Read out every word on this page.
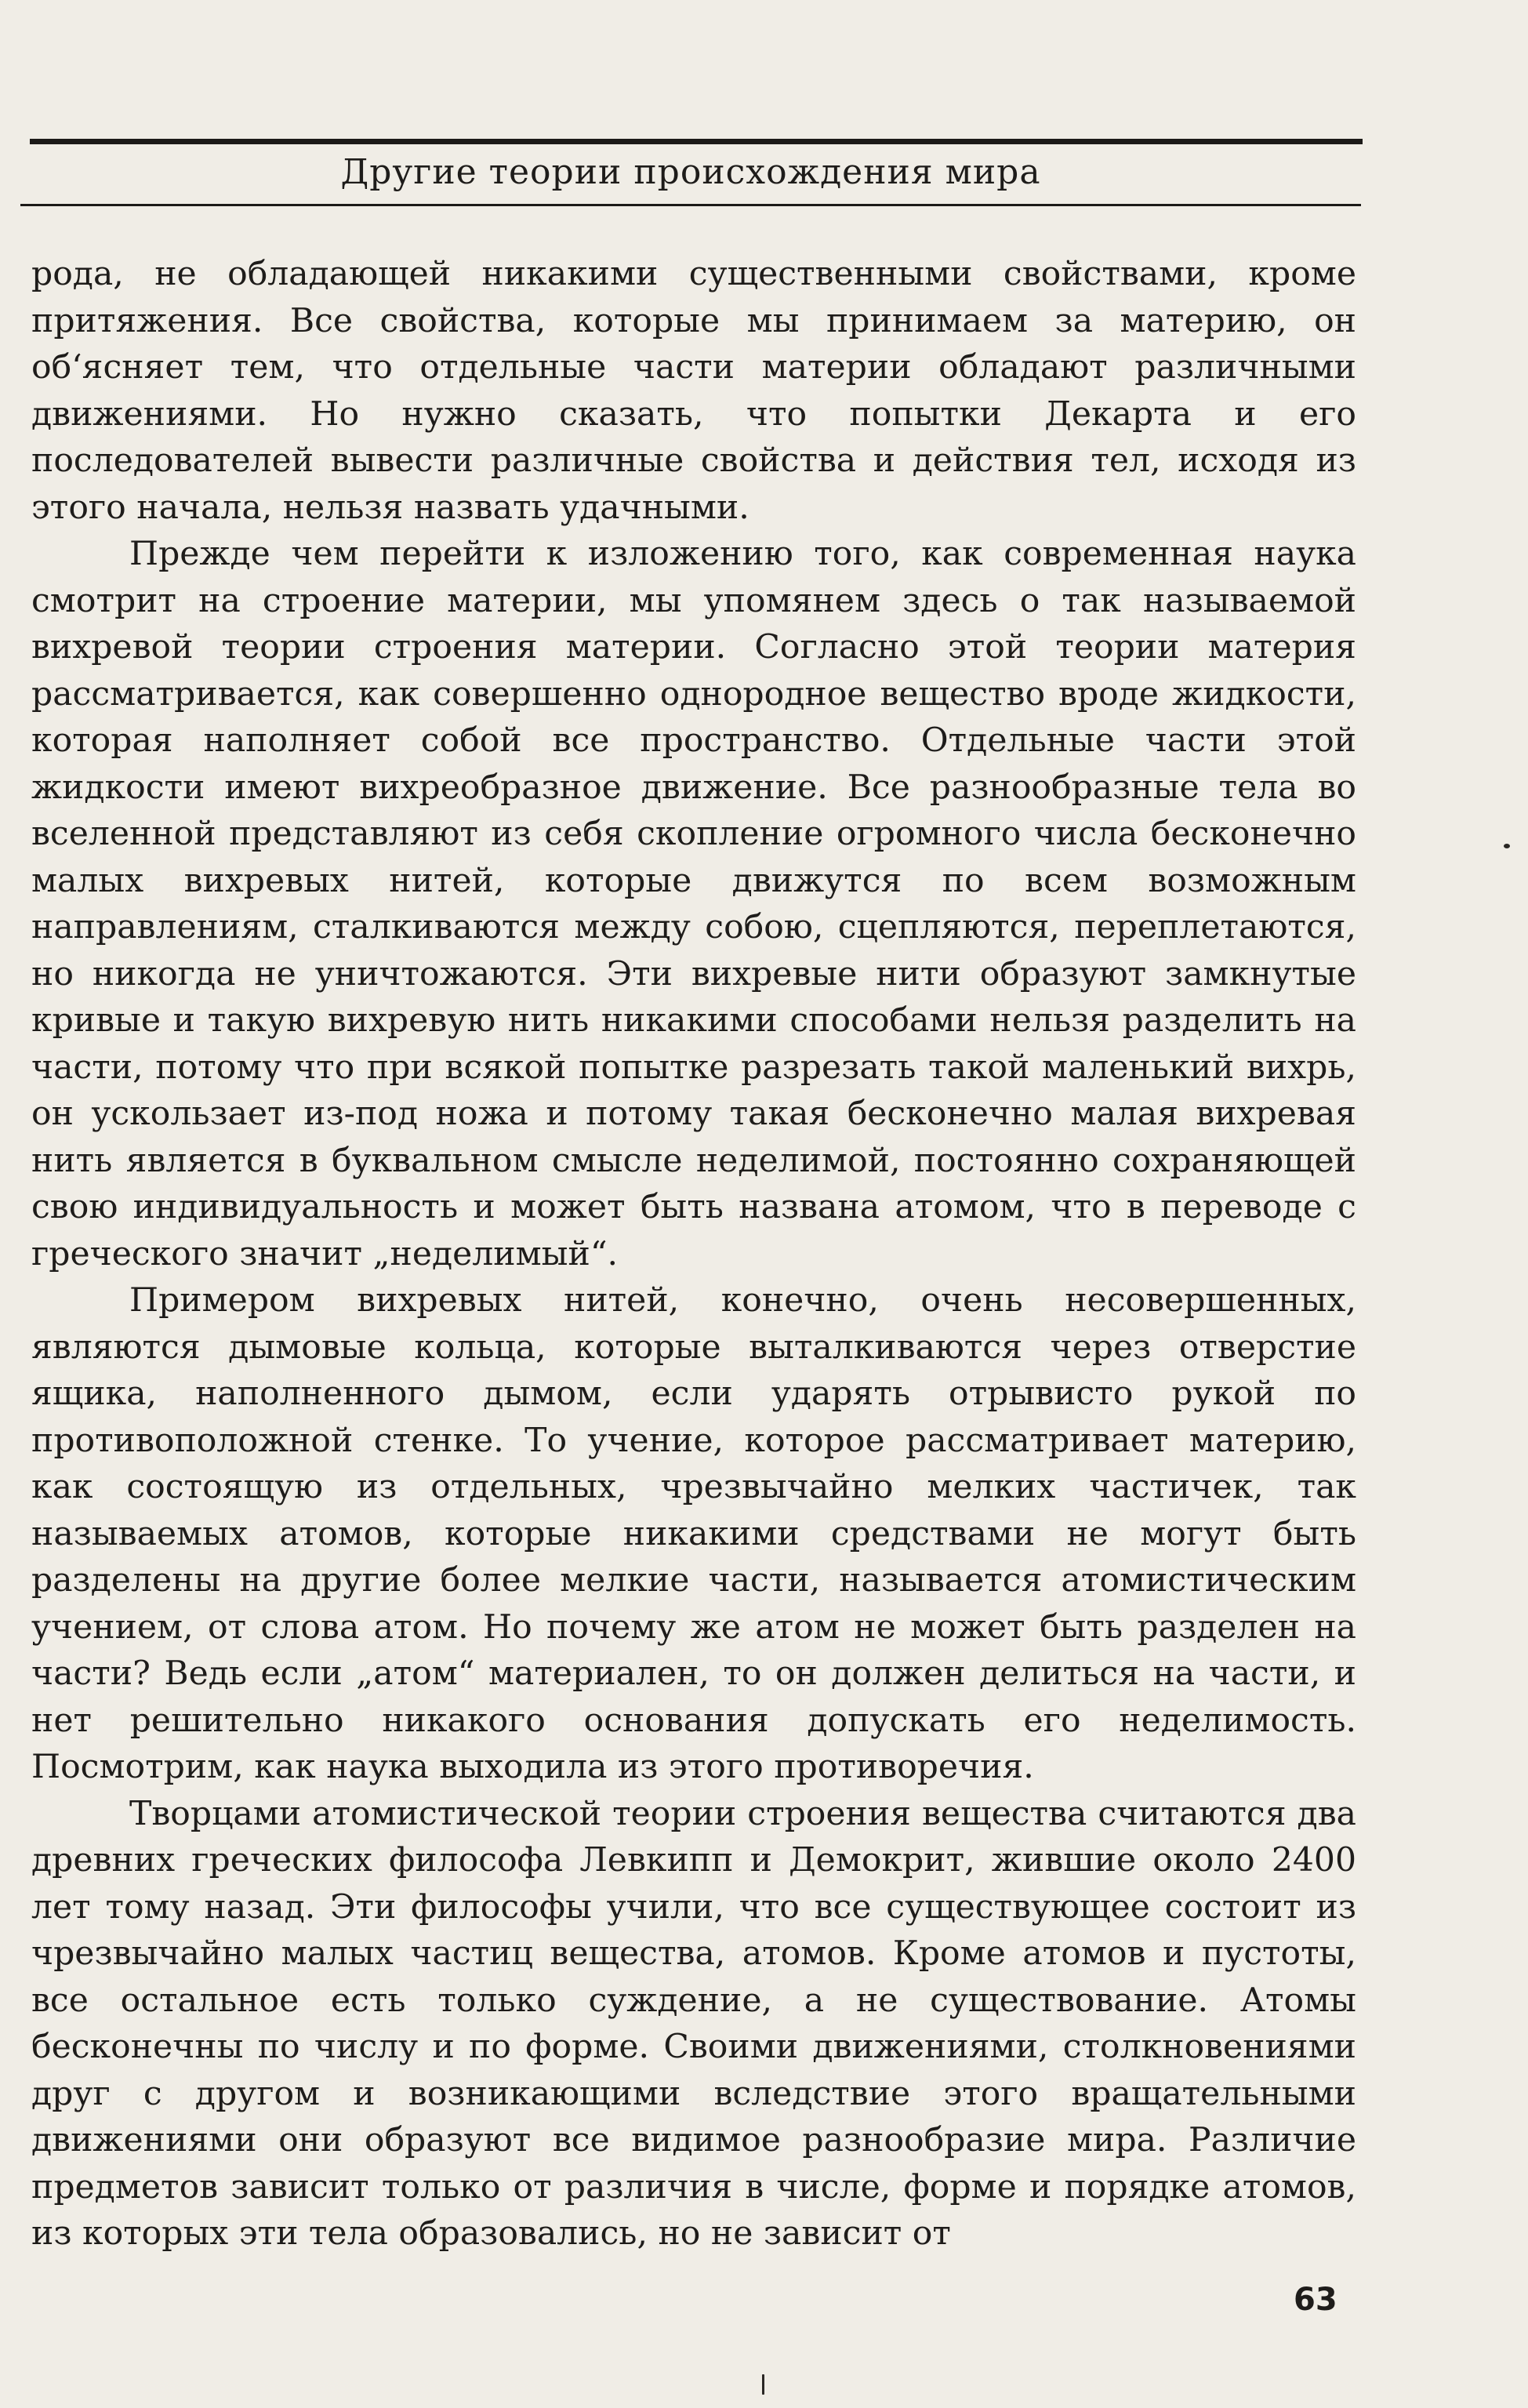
Другие теории происхождения мира

рода, не обладающей никакими существенными свойствами, кроме притяжения. Все свойства, которые мы принимаем за материю, он об‘ясняет тем, что отдельные части материи обладают различными движениями. Но нужно сказать, что попытки Декарта и его последователей вывести различные свойства и действия тел, исходя из этого начала, нельзя назвать удачными.

Прежде чем перейти к изложению того, как современная наука смотрит на строение материи, мы упомянем здесь о так называемой вихревой теории строения материи. Согласно этой теории материя рассматривается, как совершенно однородное вещество вроде жидкости, которая наполняет собой все пространство. Отдельные части этой жидкости имеют вихреобразное движение. Все разнообразные тела во вселенной представляют из себя скопление огромного числа бесконечно малых вихревых нитей, которые движутся по всем возможным направлениям, сталкиваются между собою, сцепляются, переплетаются, но никогда не уничтожаются. Эти вихревые нити образуют замкнутые кривые и такую вихревую нить никакими способами нельзя разделить на части, потому что при всякой попытке разрезать такой маленький вихрь, он ускользает из-под ножа и потому такая бесконечно малая вихревая нить является в буквальном смысле неделимой, постоянно сохраняющей свою индивидуальность и может быть названа атомом, что в переводе с греческого значит „неделимый“.

Примером вихревых нитей, конечно, очень несовершенных, являются дымовые кольца, которые выталкиваются через отверстие ящика, наполненного дымом, если ударять отрывисто рукой по противоположной стенке. То учение, которое рассматривает материю, как состоящую из отдельных, чрезвычайно мелких частичек, так называемых атомов, которые никакими средствами не могут быть разделены на другие более мелкие части, называется атомистическим учением, от слова атом. Но почему же атом не может быть разделен на части? Ведь если „атом“ материален, то он должен делиться на части, и нет решительно никакого основания допускать его неделимость. Посмотрим, как наука выходила из этого противоречия.

Творцами атомистической теории строения вещества считаются два древних греческих философа Левкипп и Демокрит, жившие около 2400 лет тому назад. Эти философы учили, что все существующее состоит из чрезвычайно малых частиц вещества, атомов. Кроме атомов и пустоты, все остальное есть только суждение, а не существование. Атомы бесконечны по числу и по форме. Своими движениями, столкновениями друг с другом и возникающими вследствие этого вращательными движениями они образуют все видимое разнообразие мира. Различие предметов зависит только от различия в числе, форме и порядке атомов, из которых эти тела образовались, но не зависит от

63
